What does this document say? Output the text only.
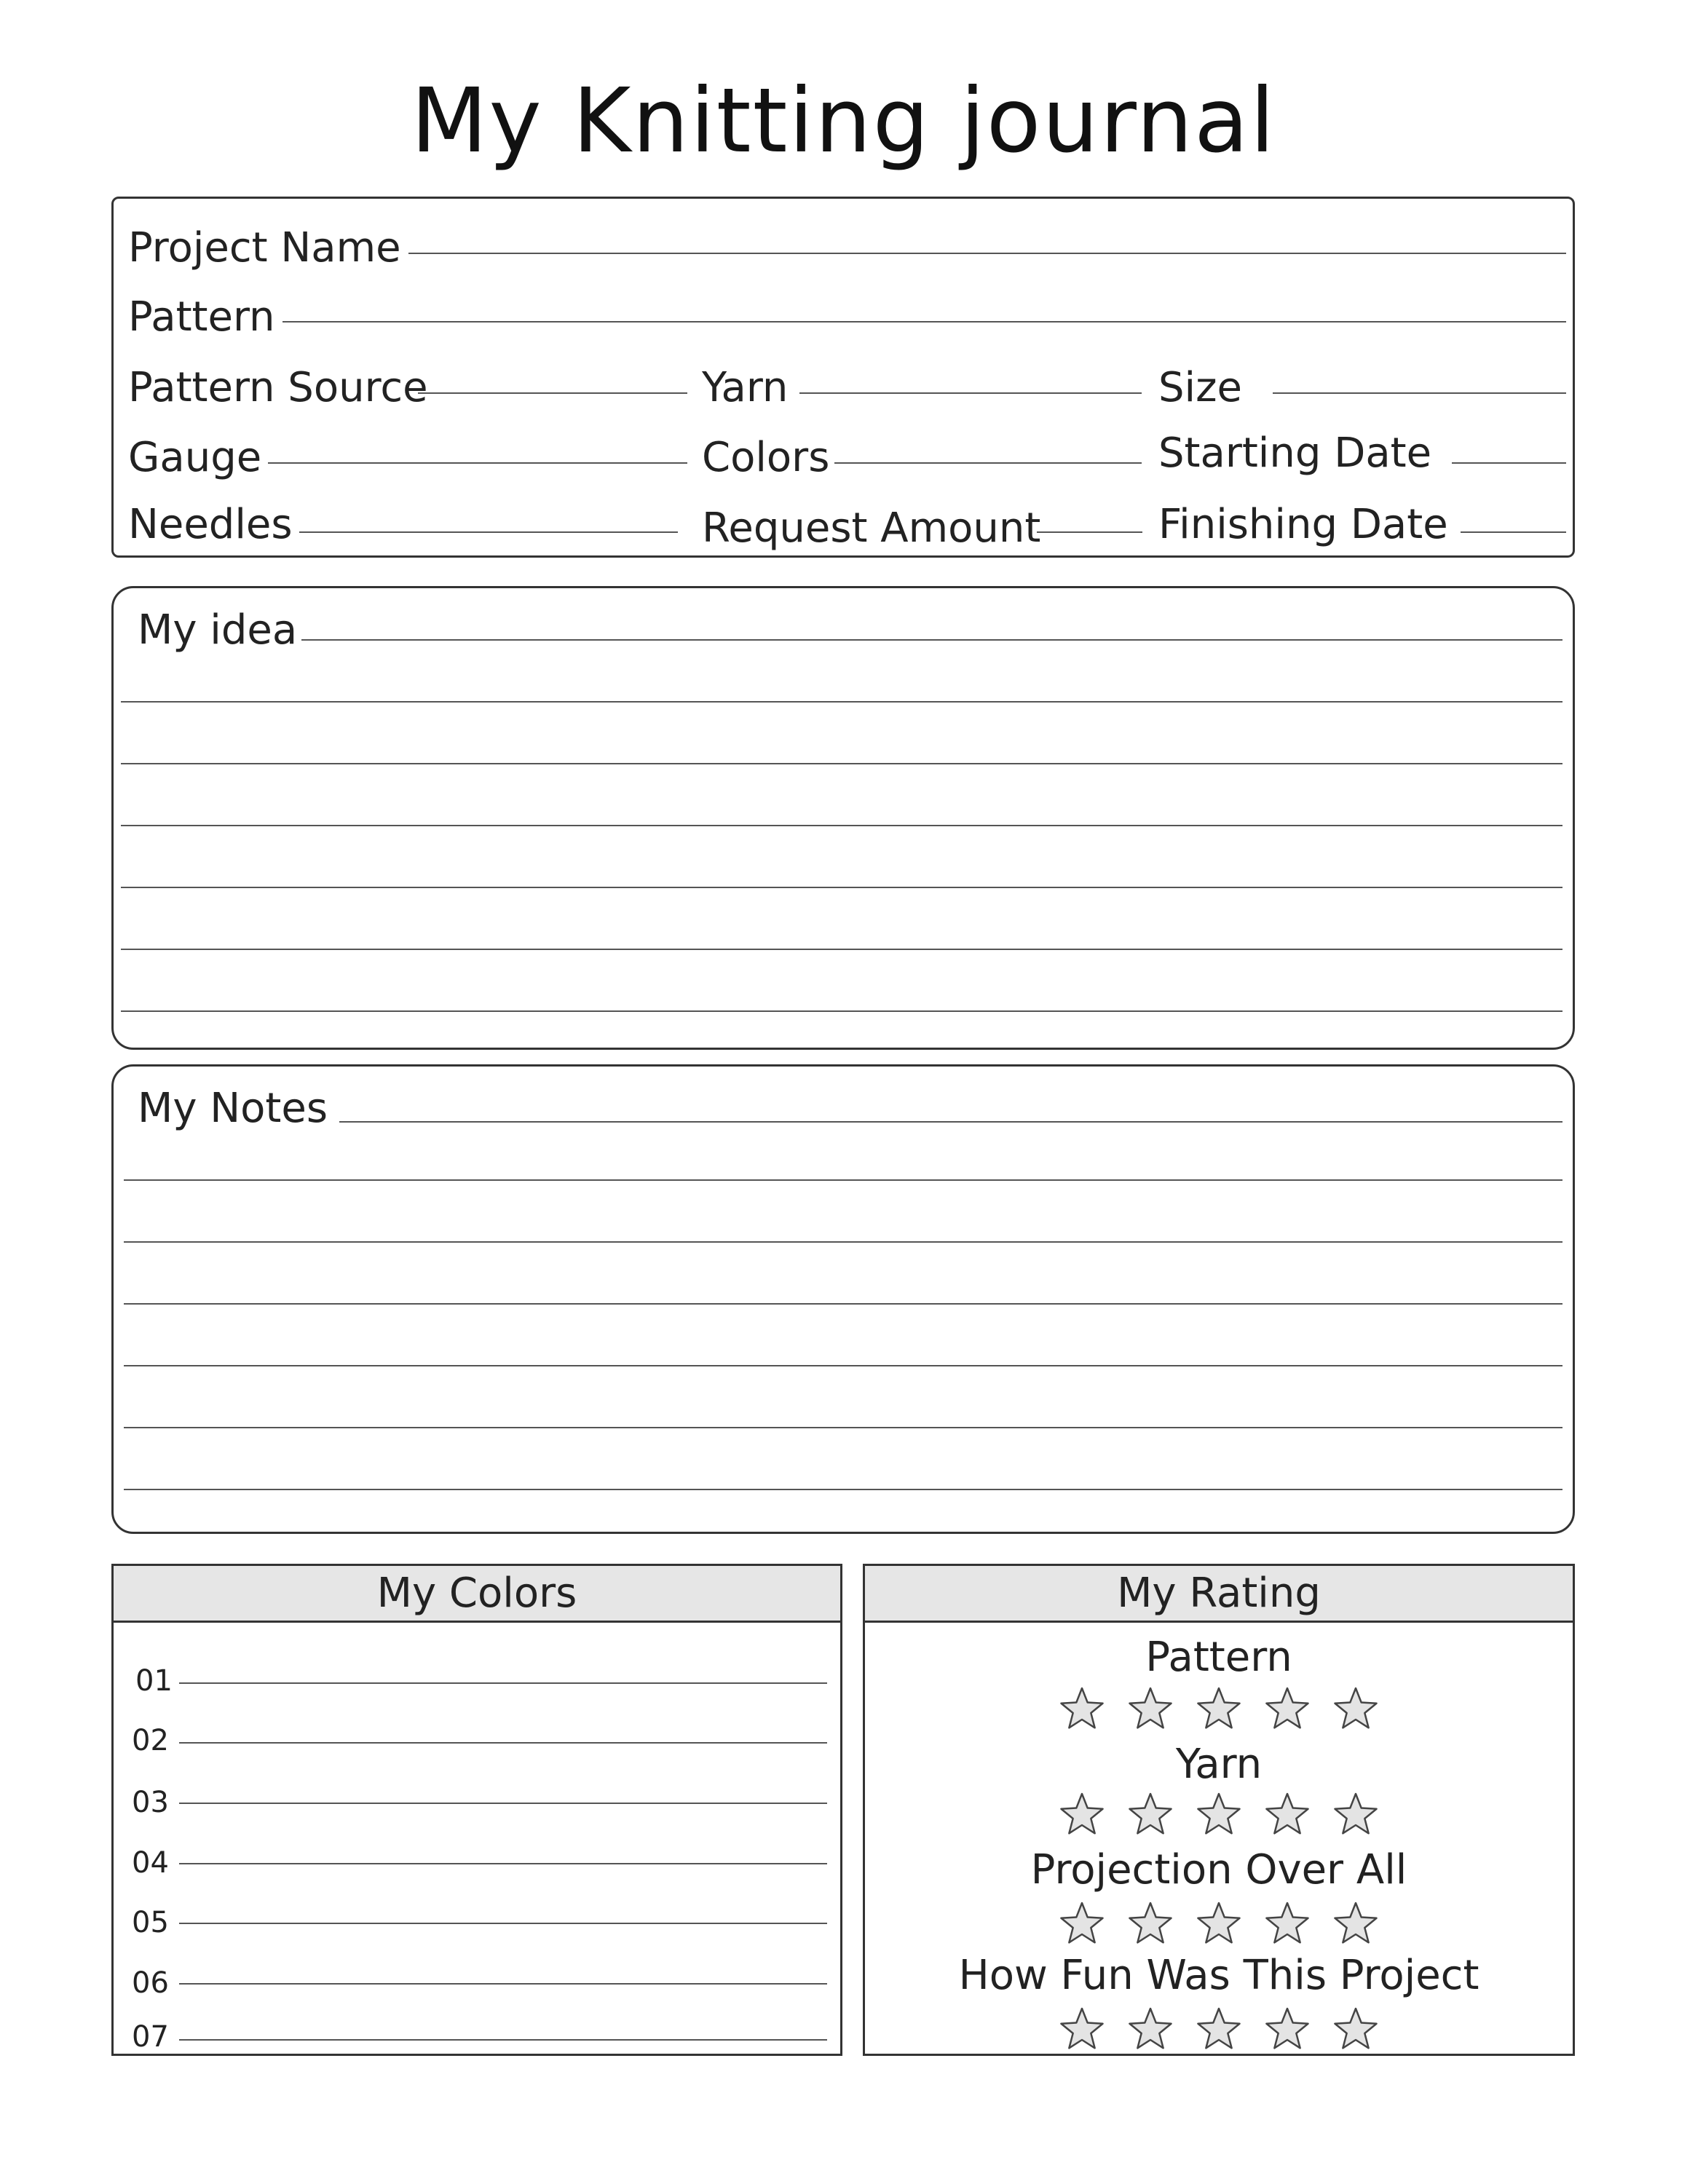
My Knitting journal
Project Name
Pattern
Pattern Source	Yarn	Size
Gauge	Colors	Starting Date
Needles	Request Amount	Finishing Date
My idea
My Notes
My Colors
01
02
03
04
05
06
07
My Rating
Pattern
Yarn
Projection Over All
How Fun Was This Project
